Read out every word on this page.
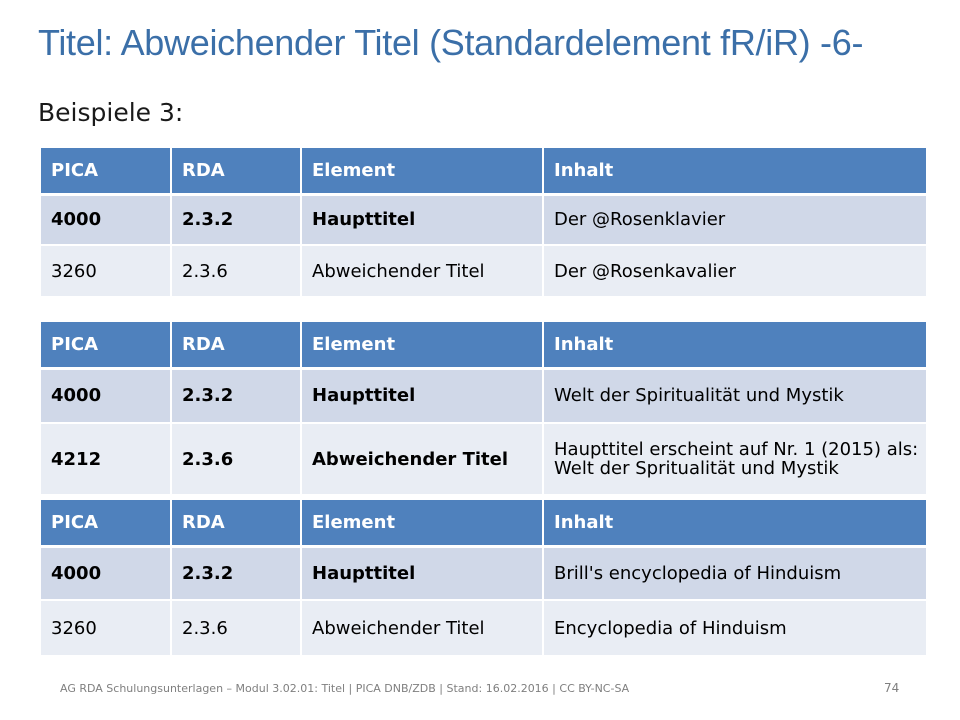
Titel: Abweichender Titel (Standardelement fR/iR) -6-
Beispiele 3:
PICA	RDA	Element	Inhalt
4000	2.3.2	Haupttitel	Der @Rosenklavier
3260	2.3.6	Abweichender Titel	Der @Rosenkavalier
PICA	RDA	Element	Inhalt
4000	2.3.2	Haupttitel	Welt der Spiritualität und Mystik
4212	2.3.6	Abweichender Titel	Haupttitel erscheint auf Nr. 1 (2015) als: Welt der Spritualität und Mystik
PICA	RDA	Element	Inhalt
4000	2.3.2	Haupttitel	Brill's encyclopedia of Hinduism
3260	2.3.6	Abweichender Titel	Encyclopedia of Hinduism
AG RDA Schulungsunterlagen – Modul 3.02.01: Titel | PICA DNB/ZDB | Stand: 16.02.2016 | CC BY-NC-SA	74
